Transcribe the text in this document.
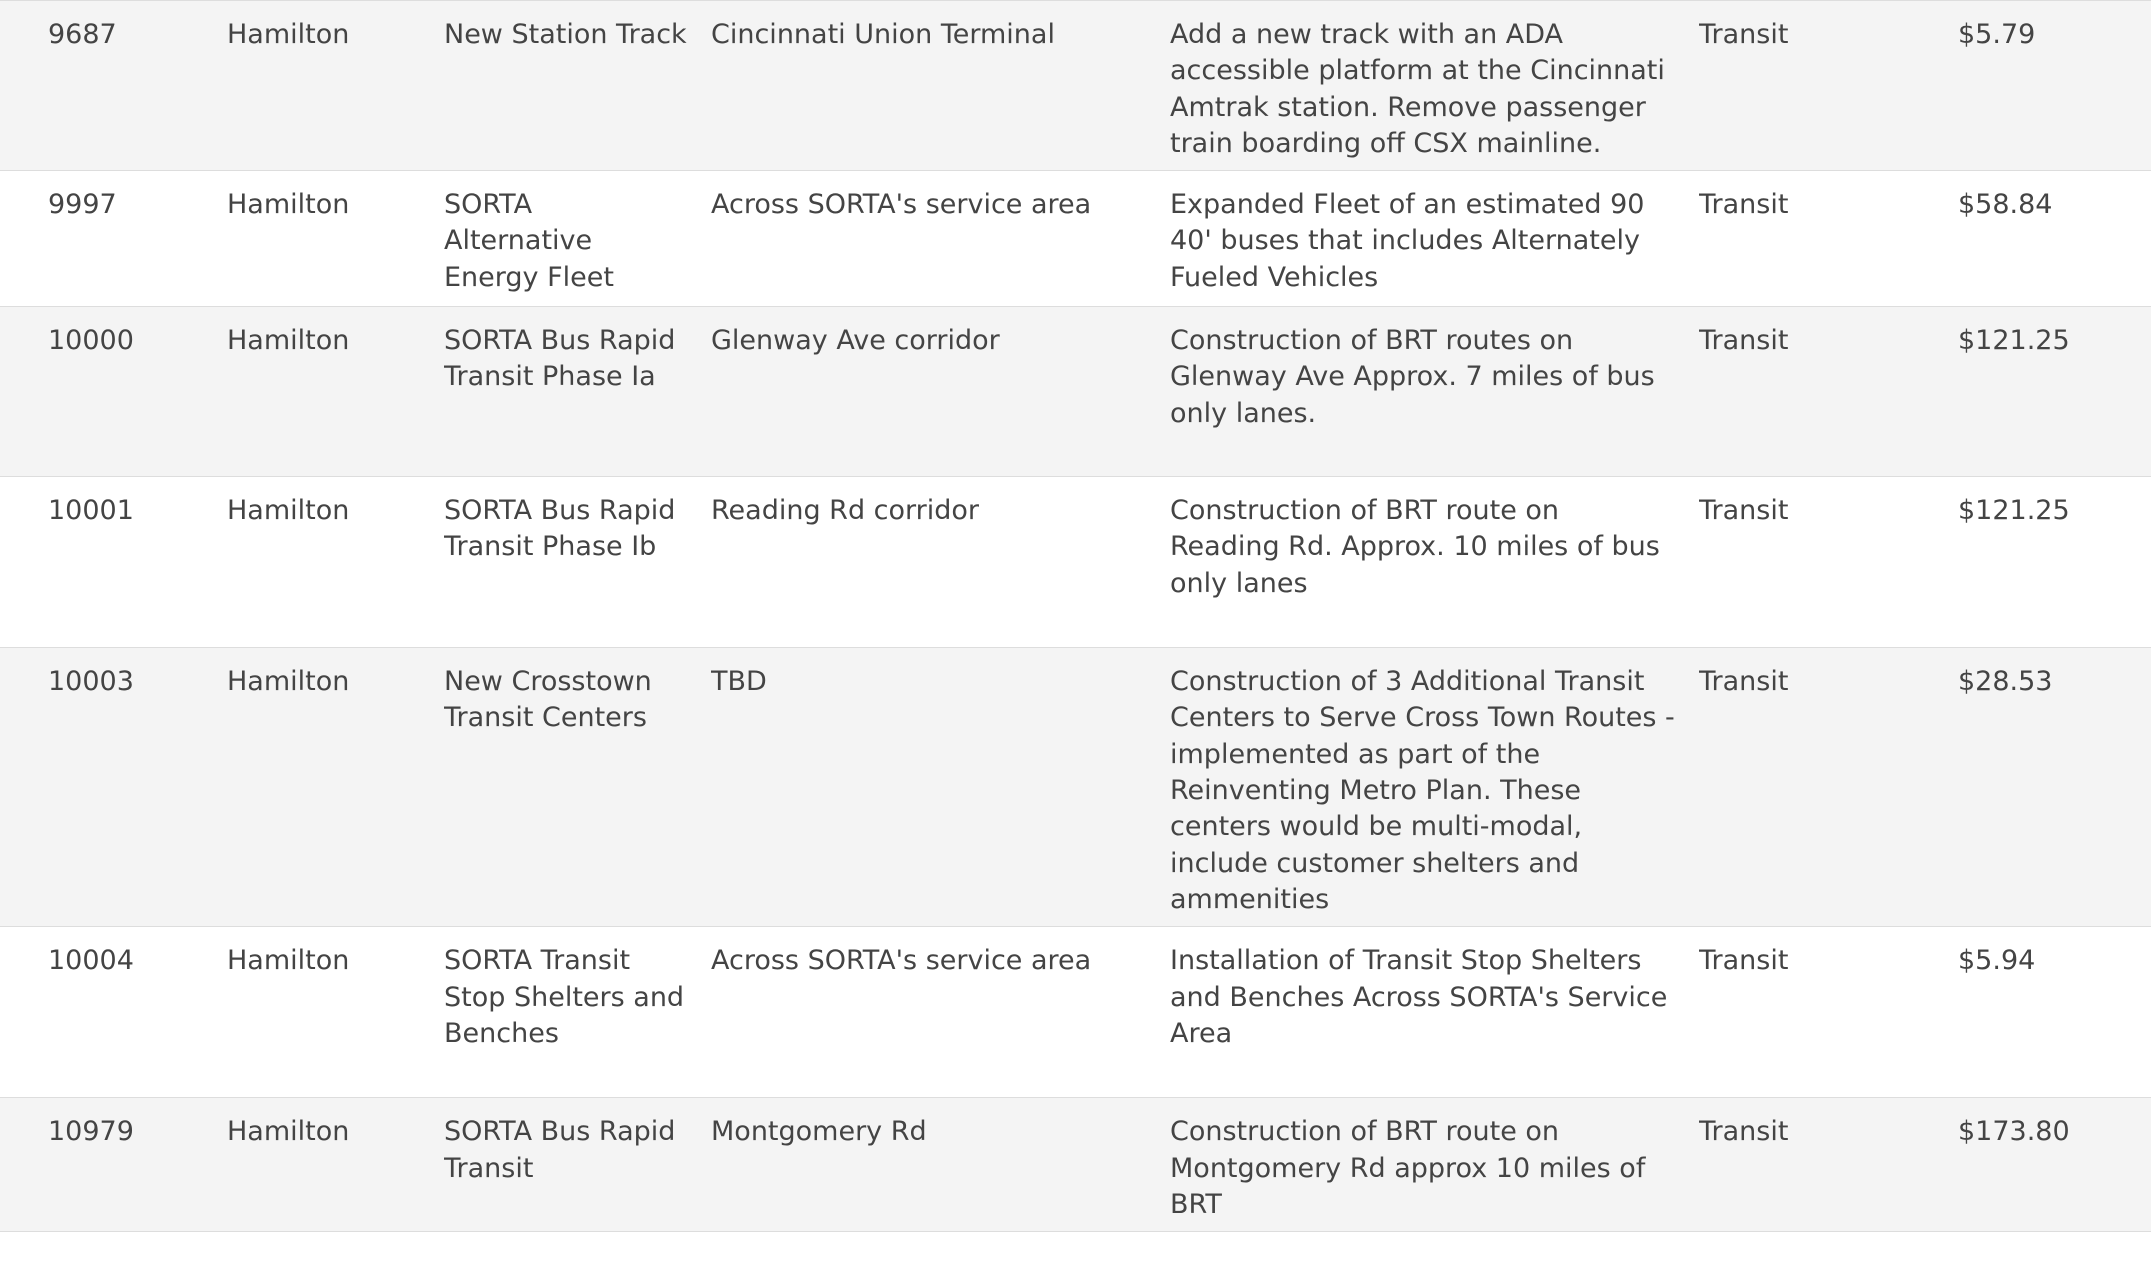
9687	Hamilton	New Station Track	Cincinnati Union Terminal	Add a new track with an ADA accessible platform at the Cincinnati Amtrak station. Remove passenger train boarding off CSX mainline.	Transit	$5.79
9997	Hamilton	SORTA Alternative Energy Fleet	Across SORTA's service area	Expanded Fleet of an estimated 90 40' buses that includes Alternately Fueled Vehicles	Transit	$58.84
10000	Hamilton	SORTA Bus Rapid Transit Phase Ia	Glenway Ave corridor	Construction of BRT routes on Glenway Ave Approx. 7 miles of bus only lanes.	Transit	$121.25
10001	Hamilton	SORTA Bus Rapid Transit Phase Ib	Reading Rd corridor	Construction of BRT route on Reading Rd. Approx. 10 miles of bus only lanes	Transit	$121.25
10003	Hamilton	New Crosstown Transit Centers	TBD	Construction of 3 Additional Transit Centers to Serve Cross Town Routes - implemented as part of the Reinventing Metro Plan. These centers would be multi-modal, include customer shelters and ammenities	Transit	$28.53
10004	Hamilton	SORTA Transit Stop Shelters and Benches	Across SORTA's service area	Installation of Transit Stop Shelters and Benches Across SORTA's Service Area	Transit	$5.94
10979	Hamilton	SORTA Bus Rapid Transit	Montgomery Rd	Construction of BRT route on Montgomery Rd approx 10 miles of BRT	Transit	$173.80
